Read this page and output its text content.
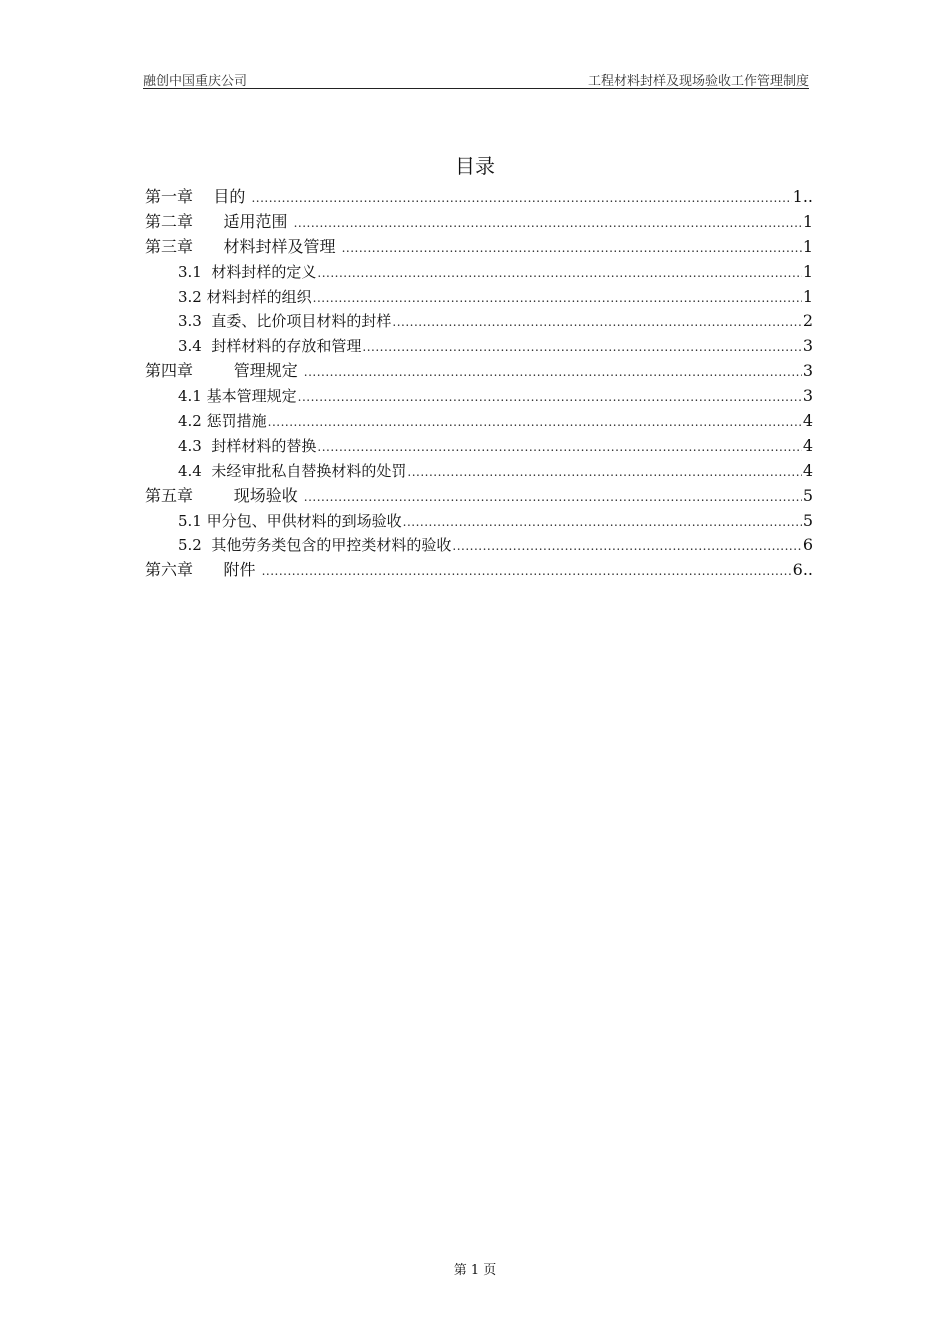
融创中国重庆公司	工程材料封样及现场验收工作管理制度
目录
第一章    目的 .....	1..
第二章      适用范围 .....	1
第三章      材料封样及管理 .....	1
3.1  材料封样的定义 .....	1
3.2 材料封样的组织 .....	1
3.3  直委、比价项目材料的封样 .....	2
3.4  封样材料的存放和管理 .....	3
第四章        管理规定 .....	3
4.1 基本管理规定 .....	3
4.2 惩罚措施 .....	4
4.3  封样材料的替换 .....	4
4.4  未经审批私自替换材料的处罚 .....	4
第五章        现场验收 .....	5
5.1 甲分包、甲供材料的到场验收 .....	5
5.2  其他劳务类包含的甲控类材料的验收 .....	6
第六章      附件 .....	6..
第 1 页
